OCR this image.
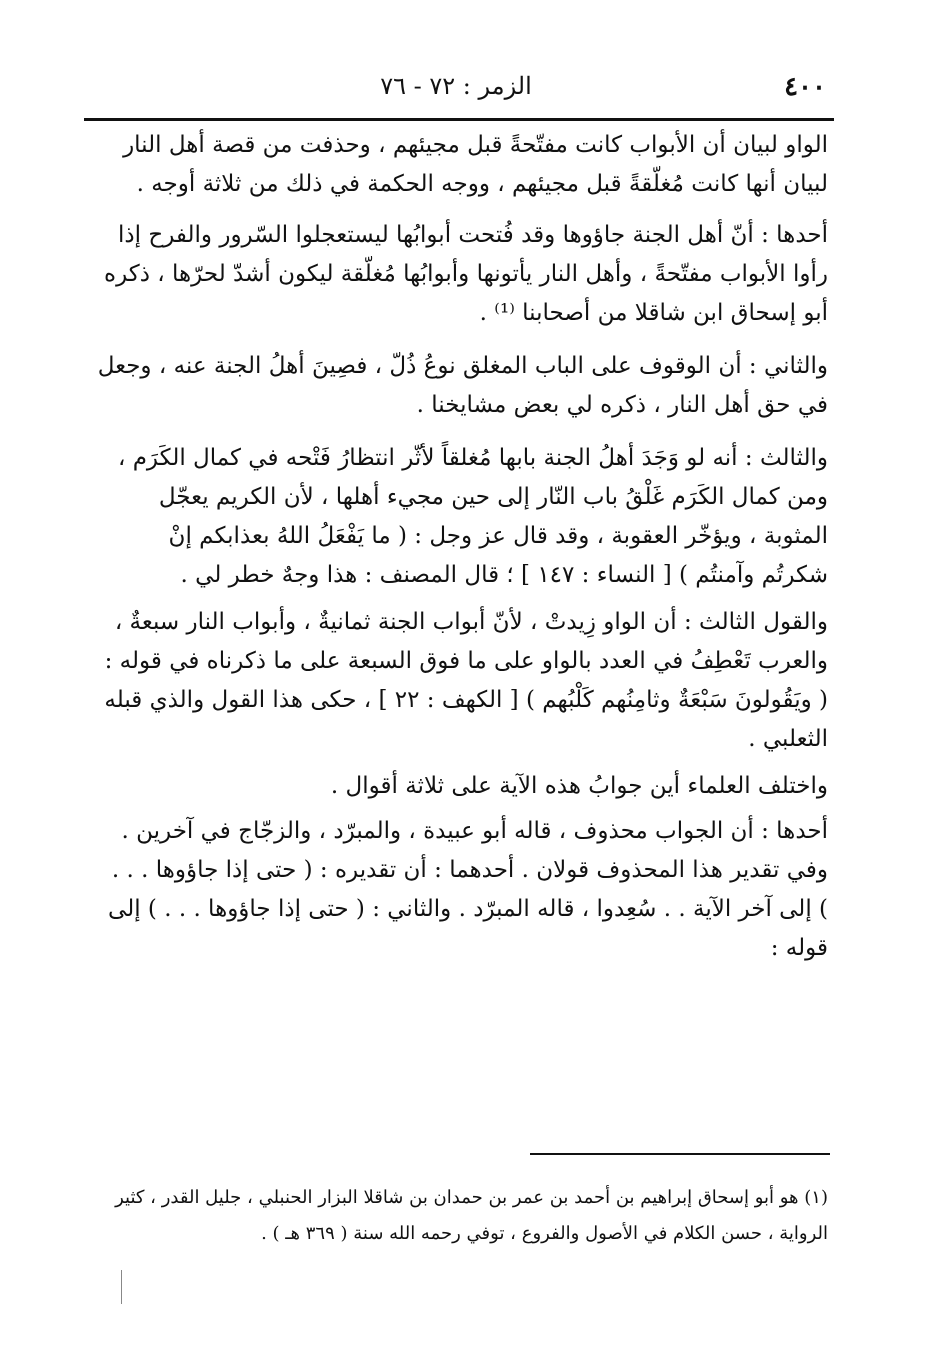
٤٠٠
الزمر : ٧٢ - ٧٦

الواو لبيان أن الأبواب كانت مفتّحةً قبل مجيئهم ، وحذفت من قصة أهل النار لبيان أنها كانت مُغلّقةً قبل مجيئهم ، ووجه الحكمة في ذلك من ثلاثة أوجه .

أحدها : أنّ أهل الجنة جاؤوها وقد فُتحت أبوابُها ليستعجلوا السّرور والفرح إذا رأوا الأبواب مفتّحةً ، وأهل النار يأتونها وأبوابُها مُغلّقة ليكون أشدّ لحرّها ، ذكره أبو إسحاق ابن شاقلا من أصحابنا ⁽¹⁾ .

والثاني : أن الوقوف على الباب المغلق نوعُ ذُلّ ، فصِينَ أهلُ الجنة عنه ، وجعل في حق أهل النار ، ذكره لي بعض مشايخنا .

والثالث : أنه لو وَجَدَ أهلُ الجنة بابها مُغلقاً لأثّر انتظارُ فَتْحه في كمال الكَرَم ، ومن كمال الكَرَم غَلْقُ باب النّار إلى حين مجيء أهلها ، لأن الكريم يعجّل المثوبة ، ويؤخّر العقوبة ، وقد قال عز وجل : ( ما يَفْعَلُ اللهُ بعذابكم إنْ شكرتُم وآمنتُم ) [ النساء : ١٤٧ ] ؛ قال المصنف : هذا وجهٌ خطر لي .

والقول الثالث : أن الواو زِيدتْ ، لأنّ أبواب الجنة ثمانيةٌ ، وأبواب النار سبعةٌ ، والعرب تَعْطِفُ في العدد بالواو على ما فوق السبعة على ما ذكرناه في قوله : ( ويَقُولونَ سَبْعَةٌ وثامِنُهم كَلْبُهم ) [ الكهف : ٢٢ ] ، حكى هذا القول والذي قبله الثعلبي .

واختلف العلماء أين جوابُ هذه الآية على ثلاثة أقوال .

أحدها : أن الجواب محذوف ، قاله أبو عبيدة ، والمبرّد ، والزجّاج في آخرين . وفي تقدير هذا المحذوف قولان . أحدهما : أن تقديره : ( حتى إذا جاؤوها . . . ) إلى آخر الآية . . سُعِدوا ، قاله المبرّد . والثاني : ( حتى إذا جاؤوها . . . ) إلى قوله :

(١) هو أبو إسحاق إبراهيم بن أحمد بن عمر بن حمدان بن شاقلا البزار الحنبلي ، جليل القدر ، كثير الرواية ، حسن الكلام في الأصول والفروع ، توفي رحمه الله سنة ( ٣٦٩ هـ ) .
